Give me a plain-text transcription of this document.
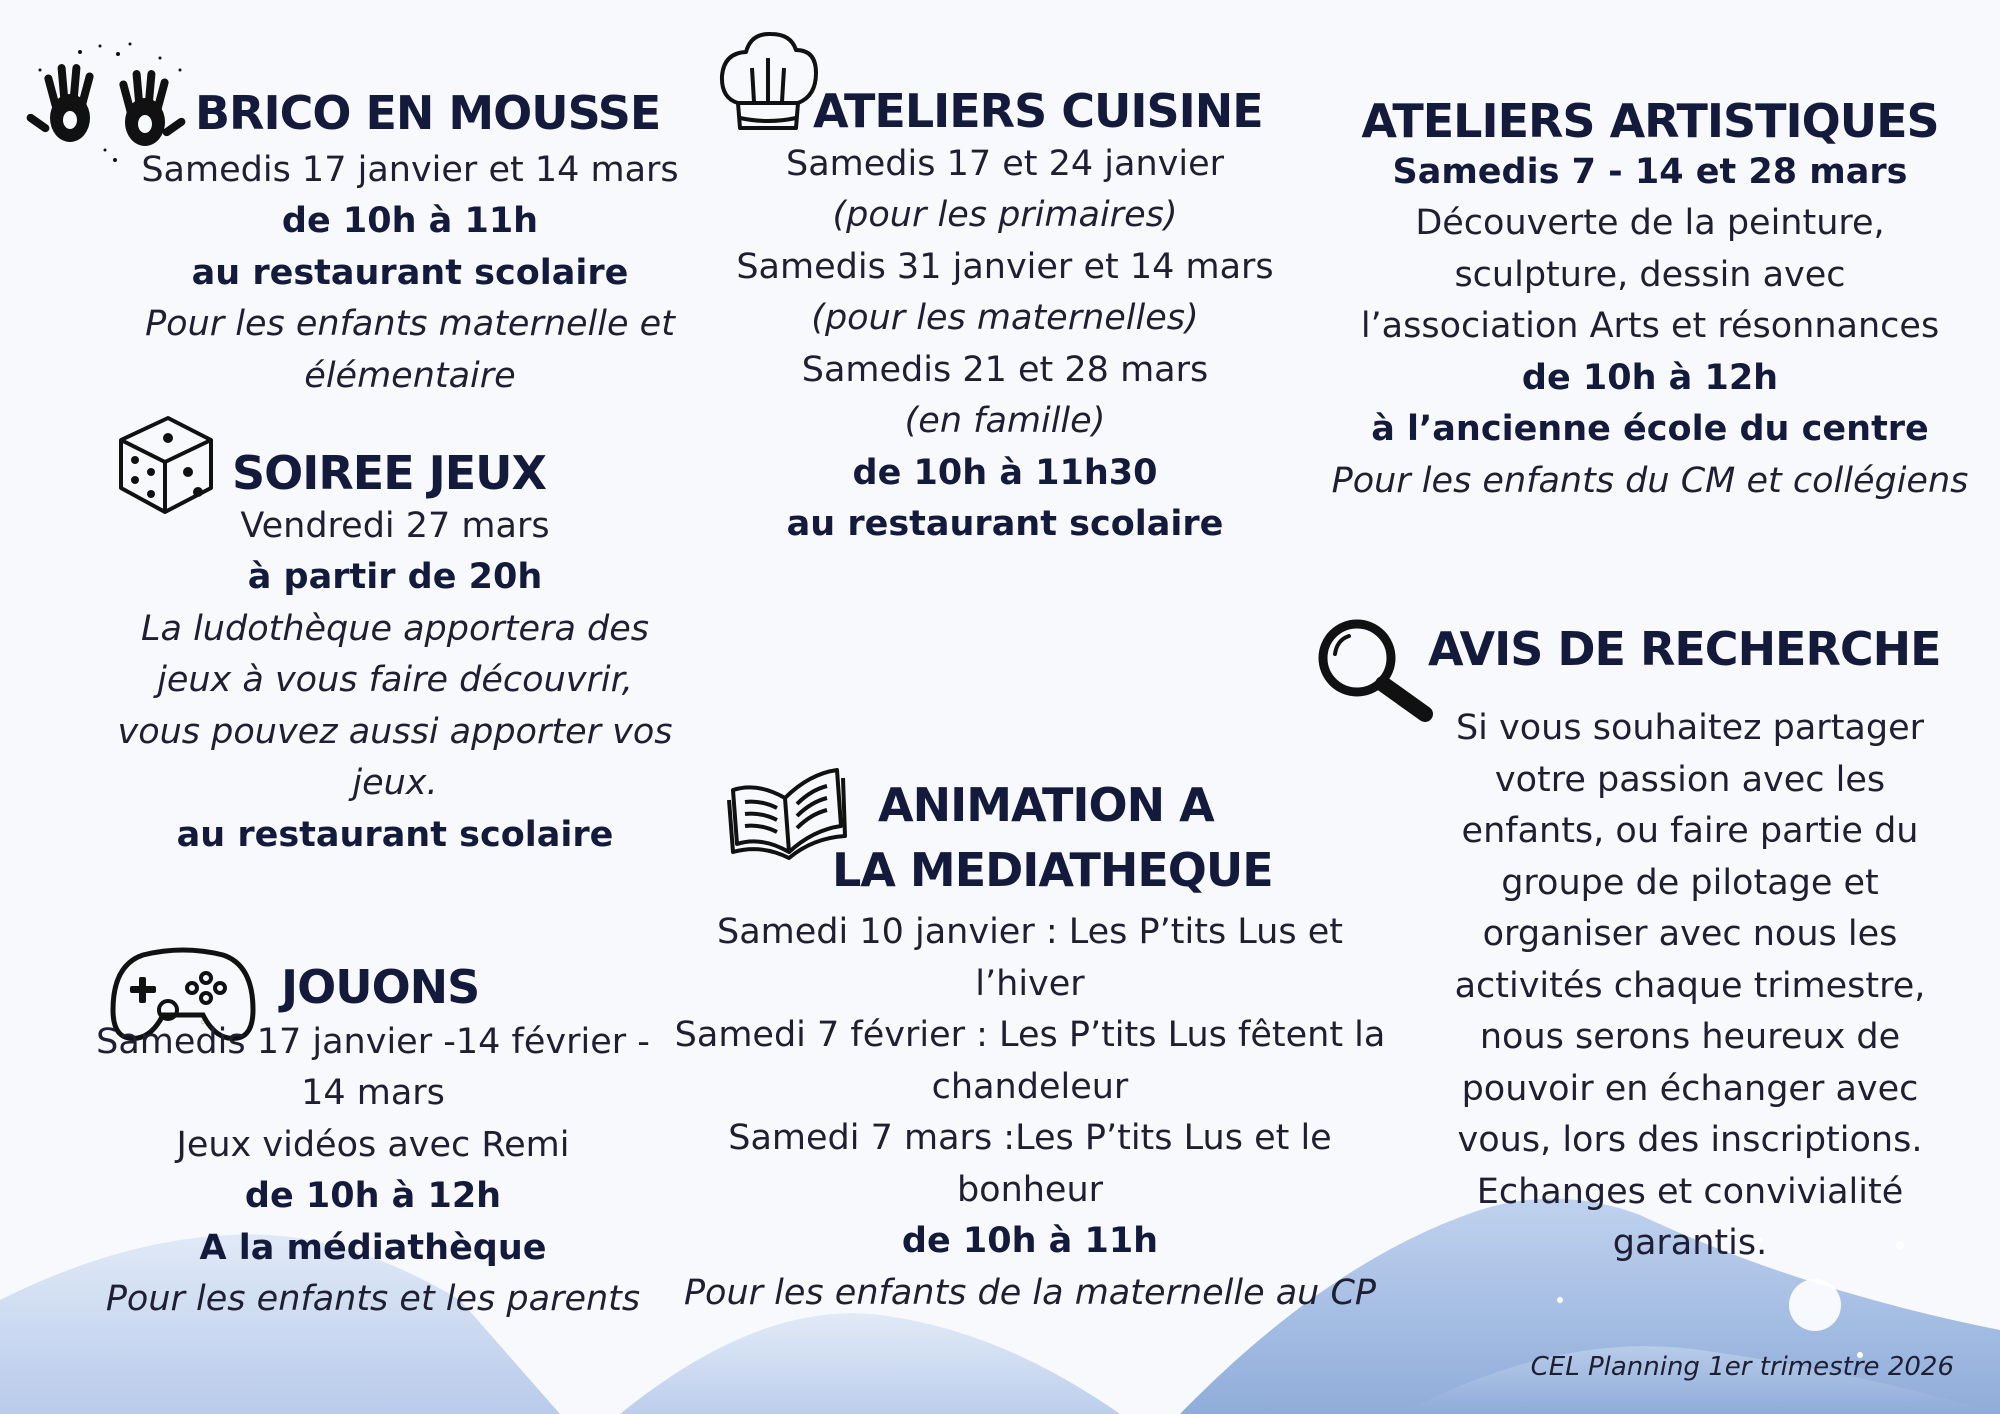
BRICO EN MOUSSE
Samedis 17 janvier et 14 mars
de 10h à 11h
au restaurant scolaire
Pour les enfants maternelle et
élémentaire
SOIREE JEUX
Vendredi 27 mars
à partir de 20h
La ludothèque apportera des
jeux à vous faire découvrir,
vous pouvez aussi apporter vos
jeux.
au restaurant scolaire
JOUONS
Samedis 17 janvier -14 février -
14 mars
Jeux vidéos avec Remi
de 10h à 12h
A la médiathèque
Pour les enfants et les parents
ATELIERS CUISINE
Samedis 17 et 24 janvier
(pour les primaires)
Samedis 31 janvier et 14 mars
(pour les maternelles)
Samedis 21 et 28 mars
(en famille)
de 10h à 11h30
au restaurant scolaire
ANIMATION A
LA MEDIATHEQUE
Samedi 10 janvier : Les P’tits Lus et
l’hiver
Samedi 7 février : Les P’tits Lus fêtent la
chandeleur
Samedi 7 mars :Les P’tits Lus et le
bonheur
de 10h à 11h
Pour les enfants de la maternelle au CP
ATELIERS ARTISTIQUES
Samedis 7 - 14 et 28 mars
Découverte de la peinture,
sculpture, dessin avec
l’association Arts et résonnances
de 10h à 12h
à l’ancienne école du centre
Pour les enfants du CM et collégiens
AVIS DE RECHERCHE
Si vous souhaitez partager
votre passion avec les
enfants, ou faire partie du
groupe de pilotage et
organiser avec nous les
activités chaque trimestre,
nous serons heureux de
pouvoir en échanger avec
vous, lors des inscriptions.
Echanges et convivialité
garantis.
CEL Planning 1er trimestre 2026
